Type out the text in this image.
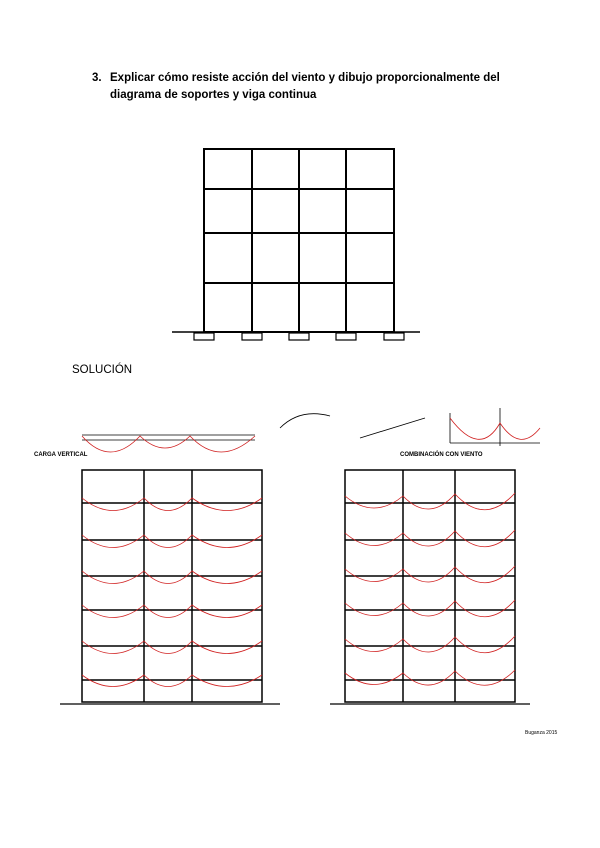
3. Explicar cómo resiste acción del viento y dibujo proporcionalmente del
diagrama de soportes y viga continua
SOLUCIÓN
CARGA VERTICAL	COMBINACIÓN CON VIENTO
Buganza 2015
